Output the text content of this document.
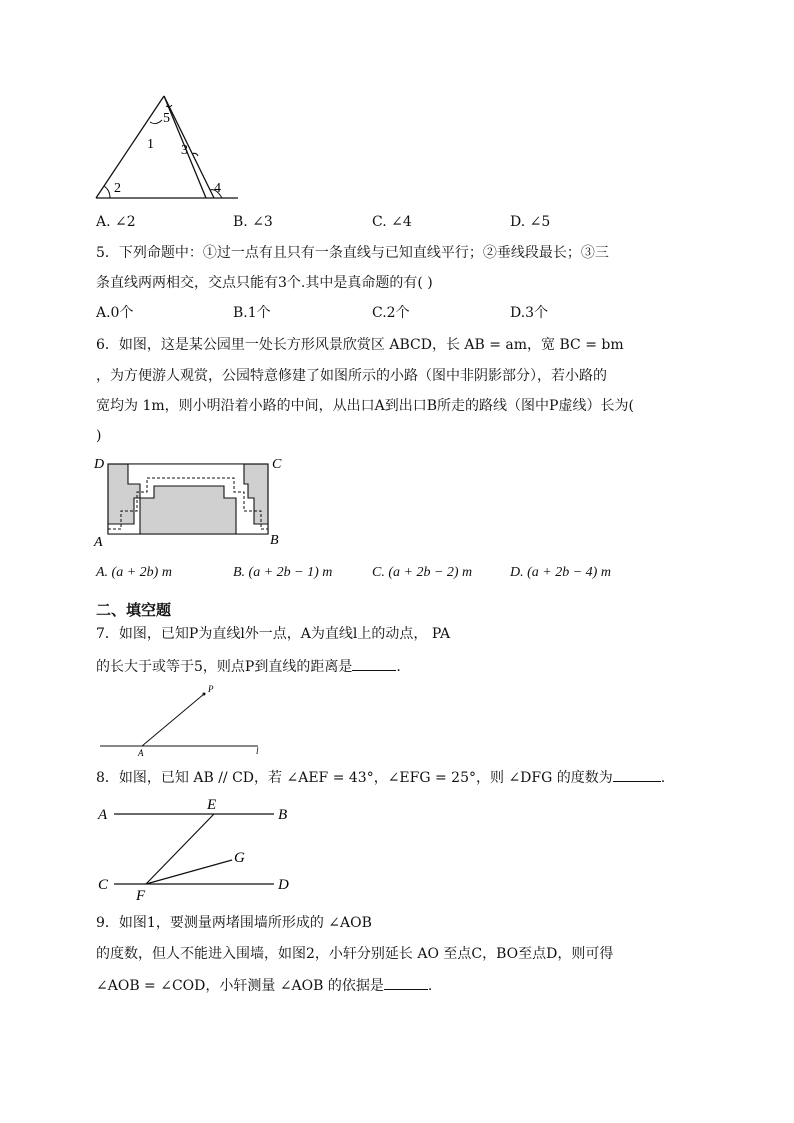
5
1 3
2	4
A. ∠2	B. ∠3	C. ∠4	D. ∠5
5．下列命题中：①过一点有且只有一条直线与已知直线平行；②垂线段最长；③三
条直线两两相交，交点只能有3个.其中是真命题的有( )
A.0个	B.1个	C.2个	D.3个
6．如图，这是某公园里一处长方形风景欣赏区 ABCD，长 AB = am，宽 BC = bm
，为方便游人观赏，公园特意修建了如图所示的小路（图中非阴影部分），若小路的
宽均为 1m，则小明沿着小路的中间，从出口A到出口B所走的路线（图中P虚线）长为(
)
D	C
A	B
A. (a + 2b) m	B. (a + 2b − 1) m	C. (a + 2b − 2) m	D. (a + 2b − 4) m
二、填空题
7．如图，已知P为直线l外一点，A为直线l上的动点， PA
的长大于或等于5，则点P到直线的距离是	.
P
A	l
8．如图，已知 AB // CD，若 ∠AEF = 43°，∠EFG = 25°，则 ∠DFG 的度数为	.
A
E
B
G
C
F
D
9．如图1，要测量两堵围墙所形成的 ∠AOB
的度数，但人不能进入围墙，如图2，小轩分别延长 AO 至点C，BO至点D，则可得
∠AOB = ∠COD，小轩测量 ∠AOB 的依据是	.
